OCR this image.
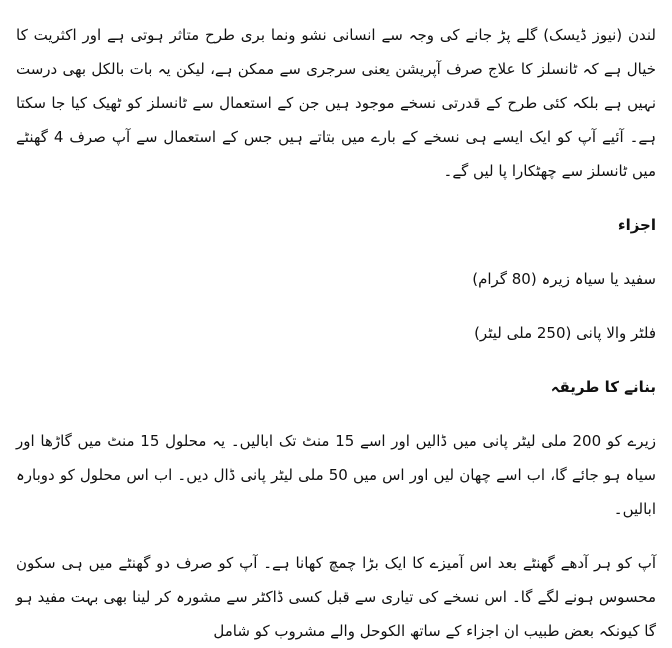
لندن (نیوز ڈیسک) گلے پڑ جانے کی وجہ سے انسانی نشو ونما بری طرح متاثر ہوتی ہے اور اکثریت کا خیال ہے کہ ٹانسلز کا علاج صرف آپریشن یعنی سرجری سے ممکن ہے، لیکن یہ بات بالکل بھی درست نہیں ہے بلکہ کئی طرح کے قدرتی نسخے موجود ہیں جن کے استعمال سے ٹانسلز کو ٹھیک کیا جا سکتا ہے۔ آئیے آپ کو ایک ایسے ہی نسخے کے بارے میں بتاتے ہیں جس کے استعمال سے آپ صرف 4 گھنٹے میں ٹانسلز سے چھٹکارا پا لیں گے۔

اجزاء

سفید یا سیاہ زیرہ (80 گرام)

فلٹر والا پانی (250 ملی لیٹر)

بنانے کا طریقہ

زیرے کو 200 ملی لیٹر پانی میں ڈالیں اور اسے 15 منٹ تک ابالیں۔ یہ محلول 15 منٹ میں گاڑھا اور سیاہ ہو جائے گا، اب اسے چھان لیں اور اس میں 50 ملی لیٹر پانی ڈال دیں۔ اب اس محلول کو دوبارہ ابالیں۔

آپ کو ہر آدھے گھنٹے بعد اس آمیزے کا ایک بڑا چمچ کھانا ہے۔ آپ کو صرف دو گھنٹے میں ہی سکون محسوس ہونے لگے گا۔ اس نسخے کی تیاری سے قبل کسی ڈاکٹر سے مشورہ کر لینا بھی بہت مفید ہو گا کیونکہ بعض طبیب ان اجزاء کے ساتھ الکوحل والے مشروب کو شامل
